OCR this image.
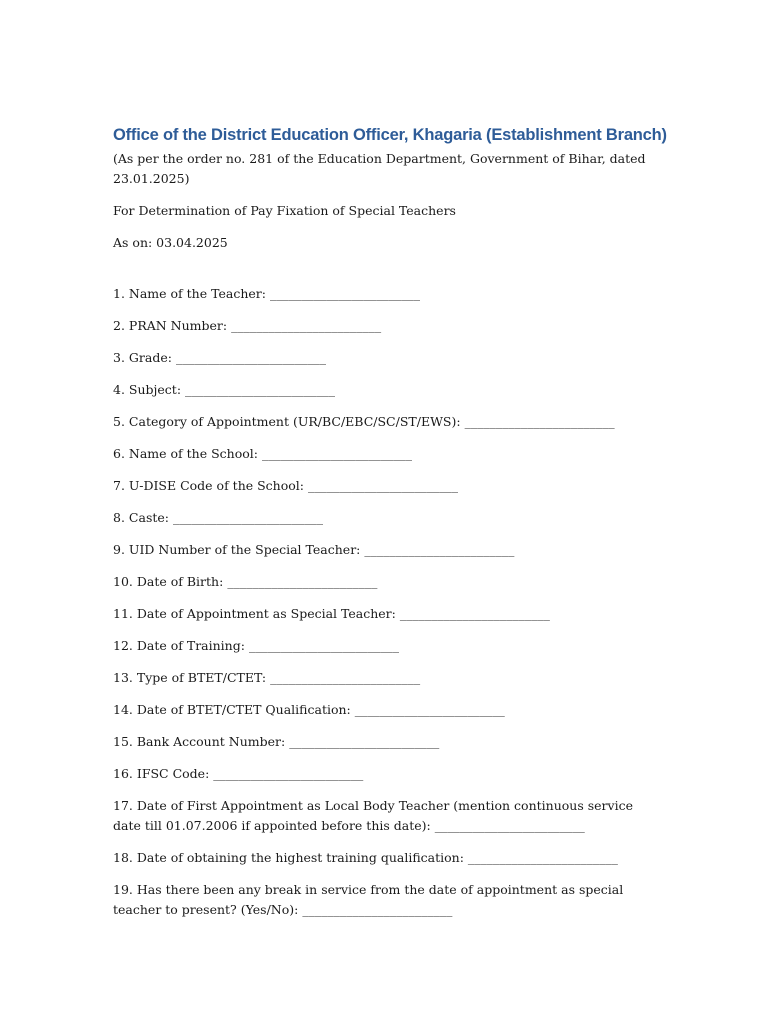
Office of the District Education Officer, Khagaria (Establishment Branch)

(As per the order no. 281 of the Education Department, Government of Bihar, dated 23.01.2025)

For Determination of Pay Fixation of Special Teachers

As on: 03.04.2025

1. Name of the Teacher: ________________________
2. PRAN Number: ________________________
3. Grade: ________________________
4. Subject: ________________________
5. Category of Appointment (UR/BC/EBC/SC/ST/EWS): ________________________
6. Name of the School: ________________________
7. U-DISE Code of the School: ________________________
8. Caste: ________________________
9. UID Number of the Special Teacher: ________________________
10. Date of Birth: ________________________
11. Date of Appointment as Special Teacher: ________________________
12. Date of Training: ________________________
13. Type of BTET/CTET: ________________________
14. Date of BTET/CTET Qualification: ________________________
15. Bank Account Number: ________________________
16. IFSC Code: ________________________
17. Date of First Appointment as Local Body Teacher (mention continuous service date till 01.07.2006 if appointed before this date): ________________________
18. Date of obtaining the highest training qualification: ________________________
19. Has there been any break in service from the date of appointment as special teacher to present? (Yes/No): ________________________
